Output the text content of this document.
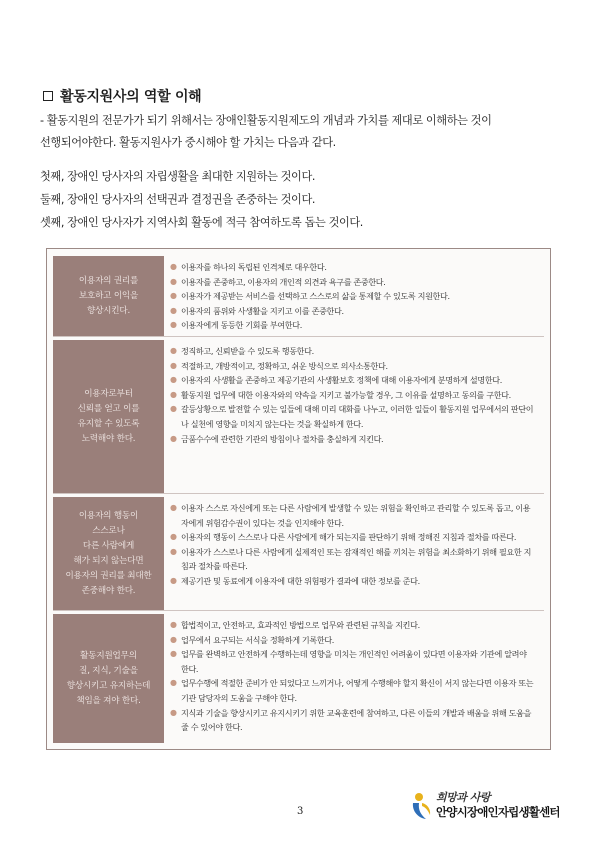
활동지원사의 역할 이해

- 활동지원의 전문가가 되기 위해서는 장애인활동지원제도의 개념과 가치를 제대로 이해하는 것이

선행되어야한다. 활동지원사가 중시해야 할 가치는 다음과 같다.

첫째, 장애인 당사자의 자립생활을 최대한 지원하는 것이다.

둘째, 장애인 당사자의 선택권과 결정권을 존중하는 것이다.

셋째, 장애인 당사자가 지역사회 활동에 적극 참여하도록 돕는 것이다.

이용자의 권리를
보호하고 이익을
향상시킨다.
● 이용자를 하나의 독립된 인격체로 대우한다.
● 이용자를 존중하고, 이용자의 개인적 의견과 욕구를 존중한다.
● 이용자가 제공받는 서비스를 선택하고 스스로의 삶을 통제할 수 있도록 지원한다.
● 이용자의 품위와 사생활을 지키고 이를 존중한다.
● 이용자에게 동등한 기회를 부여한다.
이용자로부터
신뢰를 얻고 이를
유지할 수 있도록
노력해야 한다.
● 정직하고, 신뢰받을 수 있도록 행동한다.
● 적절하고, 개방적이고, 정확하고, 쉬운 방식으로 의사소통한다.
● 이용자의 사생활을 존중하고 제공기관의 사생활보호 정책에 대해 이용자에게 분명하게 설명한다.
● 활동지원 업무에 대한 이용자와의 약속을 지키고 불가능할 경우, 그 이유를 설명하고 동의를 구한다.
● 갈등상황으로 발전할 수 있는 일들에 대해 미리 대화를 나누고, 이러한 일들이 활동지원 업무에서의 판단이나 실천에 영향을 미치지 않는다는 것을 확실하게 한다.
● 금품수수에 관련한 기관의 방침이나 절차를 충실하게 지킨다.
이용자의 행동이
스스로나
다른 사람에게
해가 되지 않는다면
이용자의 권리를 최대한
존중해야 한다.
● 이용자 스스로 자신에게 또는 다른 사람에게 발생할 수 있는 위험을 확인하고 관리할 수 있도록 돕고, 이용자에게 위험감수권이 있다는 것을 인지해야 한다.
● 이용자의 행동이 스스로나 다른 사람에게 해가 되는지를 판단하기 위해 정해진 지침과 절차를 따른다.
● 이용자가 스스로나 다른 사람에게 실제적인 또는 잠재적인 해를 끼치는 위험을 최소화하기 위해 필요한 지침과 절차를 따른다.
● 제공기관 및 동료에게 이용자에 대한 위험평가 결과에 대한 정보를 준다.
활동지원업무의
질, 지식, 기술을
향상시키고 유지하는데
책임을 져야 한다.
● 합법적이고, 안전하고, 효과적인 방법으로 업무와 관련된 규칙을 지킨다.
● 업무에서 요구되는 서식을 정확하게 기록한다.
● 업무를 완벽하고 안전하게 수행하는데 영향을 미치는 개인적인 어려움이 있다면 이용자와 기관에 알려야 한다.
● 업무수행에 적절한 준비가 안 되었다고 느끼거나, 어떻게 수행해야 할지 확신이 서지 않는다면 이용자 또는 기관 담당자의 도움을 구해야 한다.
● 지식과 기술을 향상시키고 유지시키기 위한 교육훈련에 참여하고, 다른 이들의 개발과 배움을 위해 도움을 줄 수 있어야 한다.
3
희망과 사랑
안양시장애인자립생활센터
